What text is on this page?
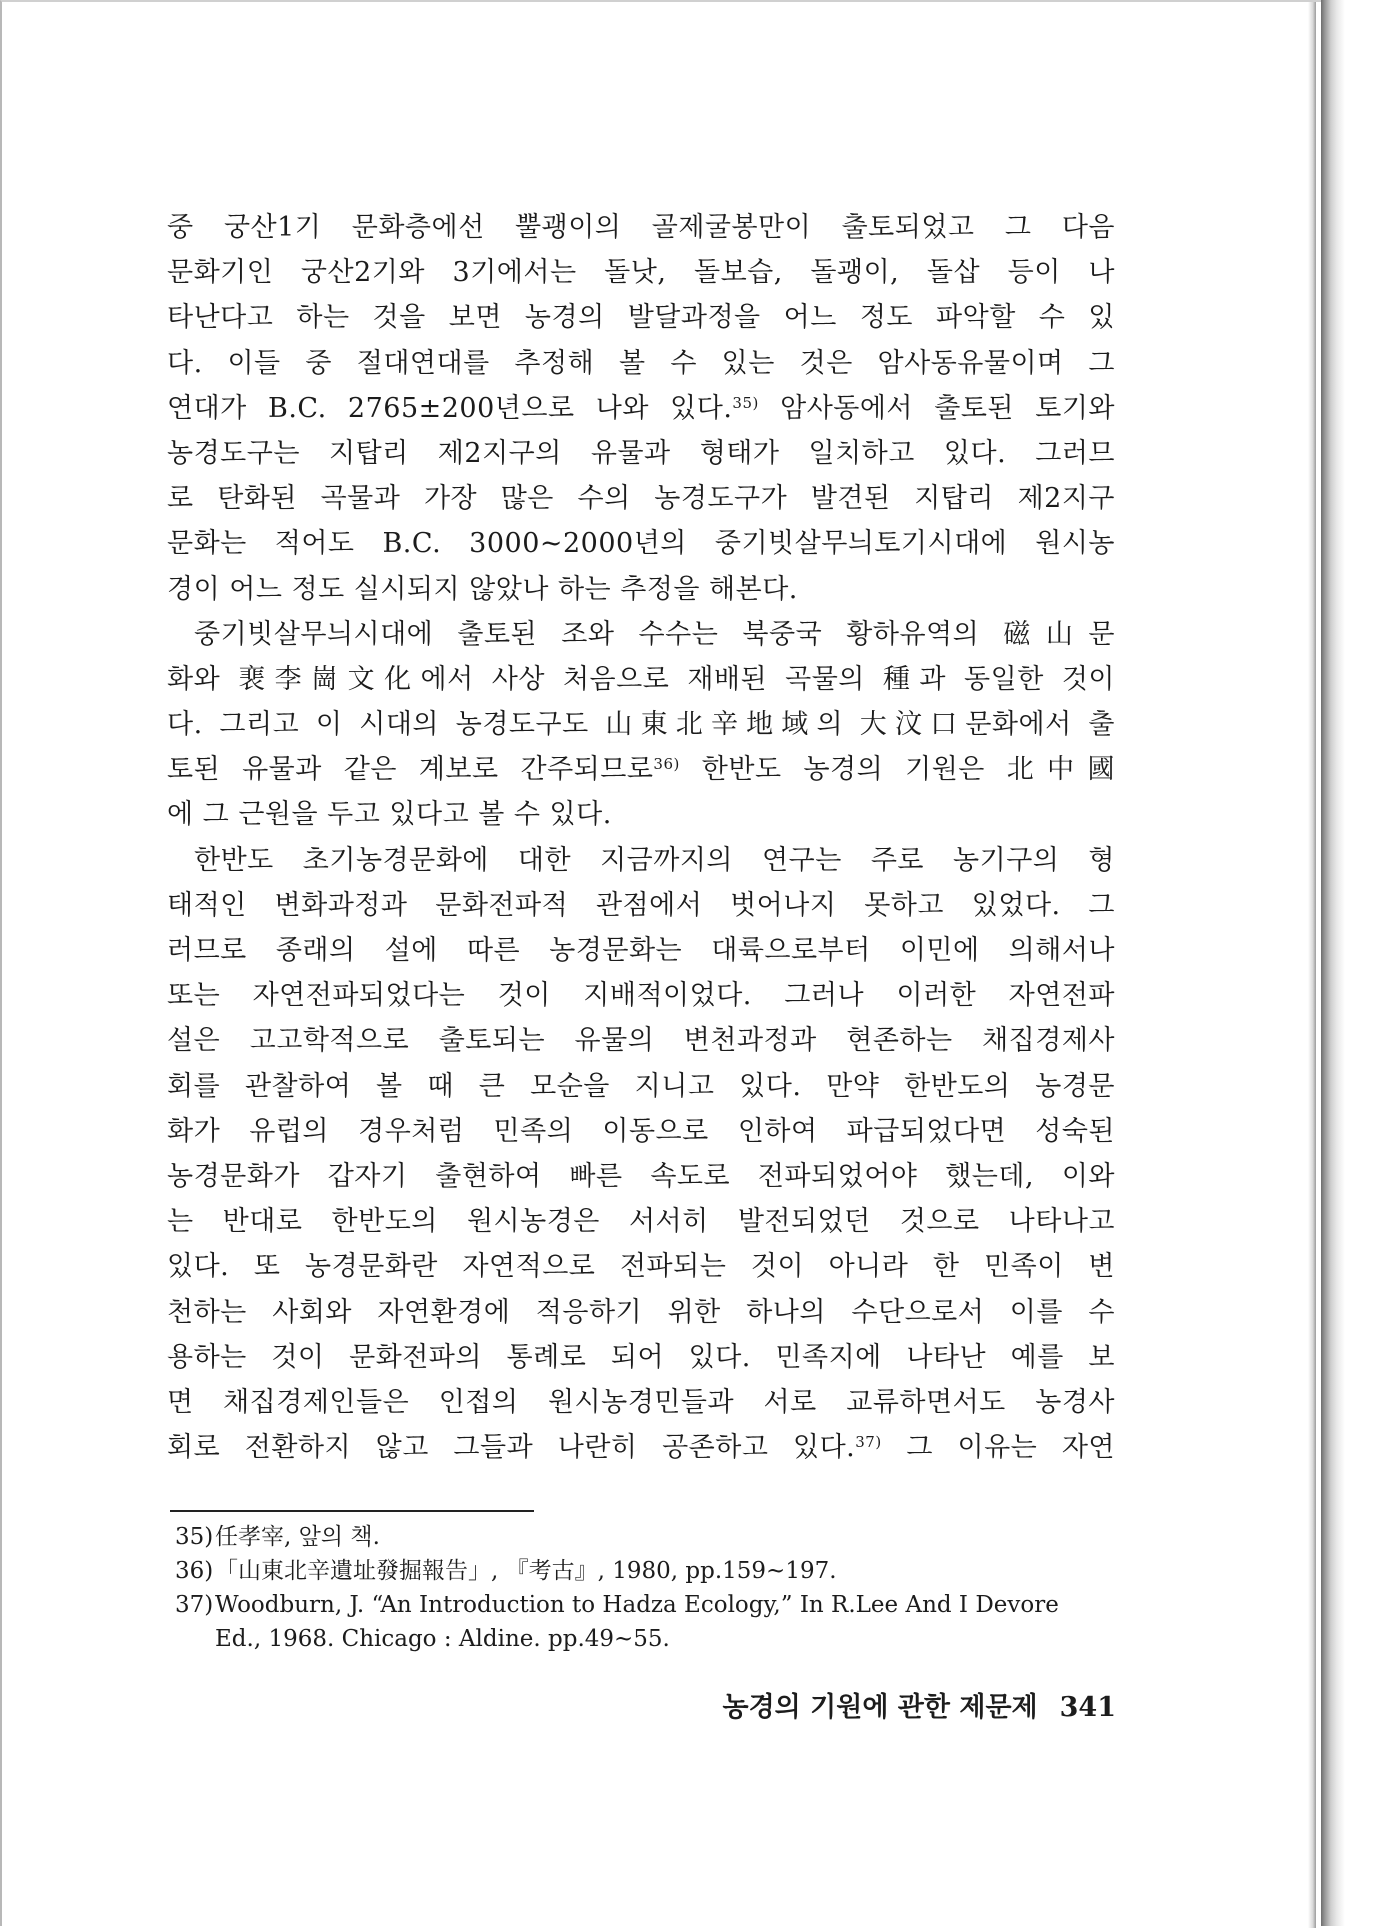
중 궁산1기 문화층에선 뿔괭이의 골제굴봉만이 출토되었고 그 다음
문화기인 궁산2기와 3기에서는 돌낫, 돌보습, 돌괭이, 돌삽 등이 나
타난다고 하는 것을 보면 농경의 발달과정을 어느 정도 파악할 수 있
다. 이들 중 절대연대를 추정해 볼 수 있는 것은 암사동유물이며 그
연대가 B.C. 2765±200년으로 나와 있다.$^{35)}$ 암사동에서 출토된 토기와
농경도구는 지탑리 제2지구의 유물과 형태가 일치하고 있다. 그러므
로 탄화된 곡물과 가장 많은 수의 농경도구가 발견된 지탑리 제2지구
문화는 적어도 B.C. 3000~2000년의 중기빗살무늬토기시대에 원시농
경이 어느 정도 실시되지 않았나 하는 추정을 해본다.
중기빗살무늬시대에 출토된 조와 수수는 북중국 황하유역의 磁山문
화와 裵李崗文化에서 사상 처음으로 재배된 곡물의 種과 동일한 것이
다. 그리고 이 시대의 농경도구도 山東北辛地域의 大汶口문화에서 출
토된 유물과 같은 계보로 간주되므로$^{36)}$ 한반도 농경의 기원은 北中國
에 그 근원을 두고 있다고 볼 수 있다.
한반도 초기농경문화에 대한 지금까지의 연구는 주로 농기구의 형
태적인 변화과정과 문화전파적 관점에서 벗어나지 못하고 있었다. 그
러므로 종래의 설에 따른 농경문화는 대륙으로부터 이민에 의해서나
또는 자연전파되었다는 것이 지배적이었다. 그러나 이러한 자연전파
설은 고고학적으로 출토되는 유물의 변천과정과 현존하는 채집경제사
회를 관찰하여 볼 때 큰 모순을 지니고 있다. 만약 한반도의 농경문
화가 유럽의 경우처럼 민족의 이동으로 인하여 파급되었다면 성숙된
농경문화가 갑자기 출현하여 빠른 속도로 전파되었어야 했는데, 이와
는 반대로 한반도의 원시농경은 서서히 발전되었던 것으로 나타나고
있다. 또 농경문화란 자연적으로 전파되는 것이 아니라 한 민족이 변
천하는 사회와 자연환경에 적응하기 위한 하나의 수단으로서 이를 수
용하는 것이 문화전파의 통례로 되어 있다. 민족지에 나타난 예를 보
면 채집경제인들은 인접의 원시농경민들과 서로 교류하면서도 농경사
회로 전환하지 않고 그들과 나란히 공존하고 있다.$^{37)}$ 그 이유는 자연
35)任孝宰, 앞의 책.
36)「山東北辛遺址發掘報告」, 『考古』, 1980, pp.159~197.
37)Woodburn, J. “An Introduction to Hadza Ecology,” In R.Lee And I Devore
Ed., 1968. Chicago : Aldine. pp.49~55.
농경의 기원에 관한 제문제 341
